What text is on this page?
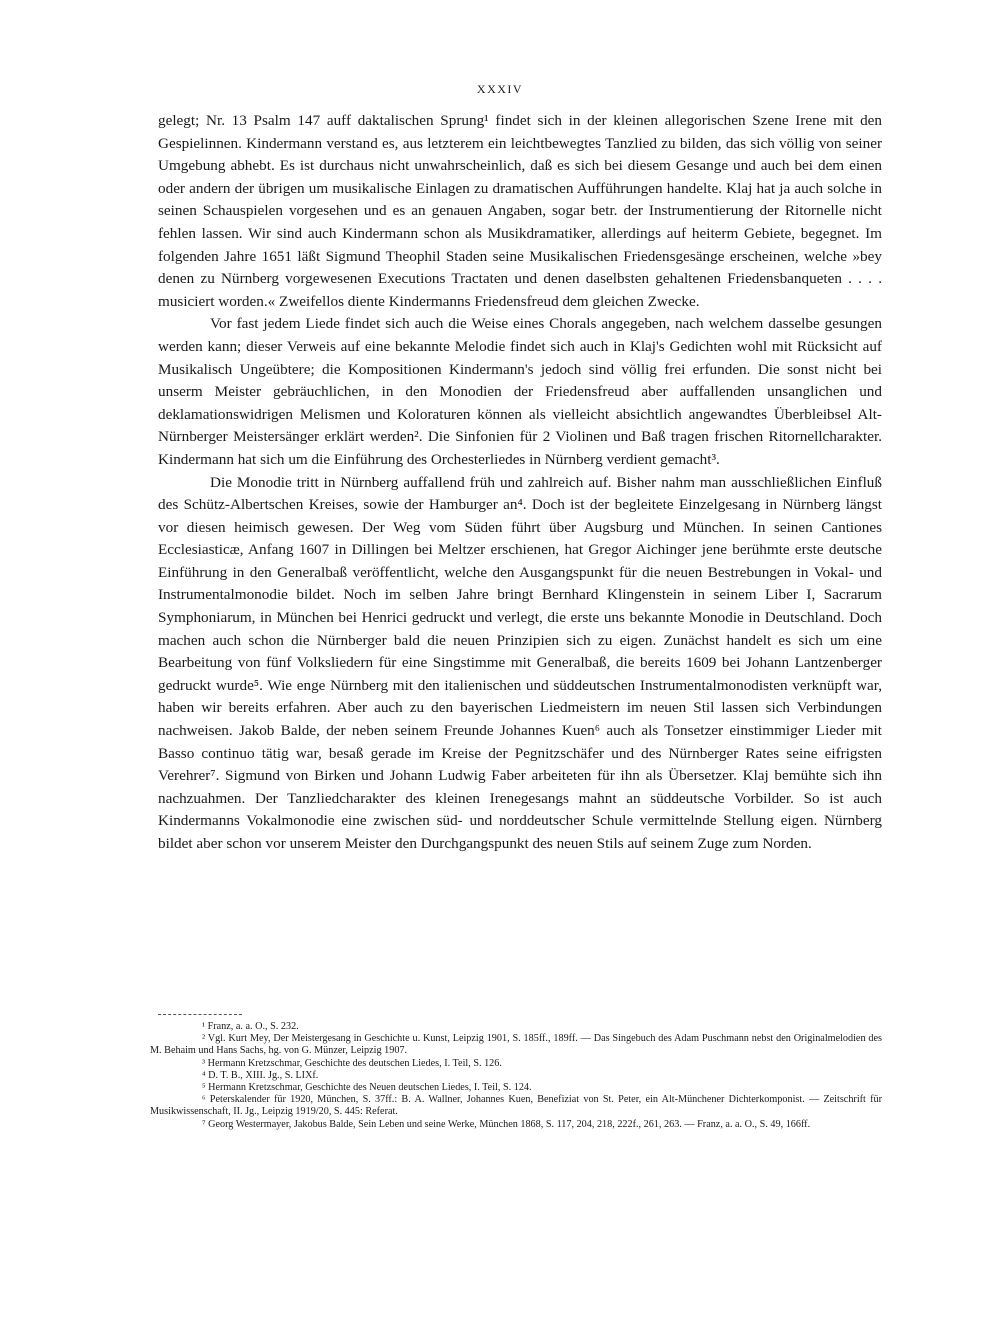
XXXIV

gelegt; Nr. 13 Psalm 147 auff daktalischen Sprung¹ findet sich in der kleinen allegorischen Szene Irene mit den Gespielinnen. Kindermann verstand es, aus letzterem ein leichtbewegtes Tanzlied zu bilden, das sich völlig von seiner Umgebung abhebt. Es ist durchaus nicht unwahrscheinlich, daß es sich bei diesem Gesange und auch bei dem einen oder andern der übrigen um musikalische Einlagen zu dramatischen Aufführungen handelte. Klaj hat ja auch solche in seinen Schauspielen vorgesehen und es an genauen Angaben, sogar betr. der Instrumentierung der Ritornelle nicht fehlen lassen. Wir sind auch Kindermann schon als Musikdramatiker, allerdings auf heiterm Gebiete, begegnet. Im folgenden Jahre 1651 läßt Sigmund Theophil Staden seine Musikalischen Friedensgesänge erscheinen, welche »bey denen zu Nürnberg vorgewesenen Executions Tractaten und denen daselbsten gehaltenen Friedensbanqueten . . . . musiciert worden.« Zweifellos diente Kindermanns Friedensfreud dem gleichen Zwecke.

Vor fast jedem Liede findet sich auch die Weise eines Chorals angegeben, nach welchem dasselbe gesungen werden kann; dieser Verweis auf eine bekannte Melodie findet sich auch in Klaj's Gedichten wohl mit Rücksicht auf Musikalisch Ungeübtere; die Kompositionen Kindermann's jedoch sind völlig frei erfunden. Die sonst nicht bei unserm Meister gebräuchlichen, in den Monodien der Friedensfreud aber auffallenden unsanglichen und deklamationswidrigen Melismen und Koloraturen können als vielleicht absichtlich angewandtes Überbleibsel Alt-Nürnberger Meistersänger erklärt werden². Die Sinfonien für 2 Violinen und Baß tragen frischen Ritornellcharakter. Kindermann hat sich um die Einführung des Orchesterliedes in Nürnberg verdient gemacht³.

Die Monodie tritt in Nürnberg auffallend früh und zahlreich auf. Bisher nahm man ausschließlichen Einfluß des Schütz-Albertschen Kreises, sowie der Hamburger an⁴. Doch ist der begleitete Einzelgesang in Nürnberg längst vor diesen heimisch gewesen. Der Weg vom Süden führt über Augsburg und München. In seinen Cantiones Ecclesiasticæ, Anfang 1607 in Dillingen bei Meltzer erschienen, hat Gregor Aichinger jene berühmte erste deutsche Einführung in den Generalbaß veröffentlicht, welche den Ausgangspunkt für die neuen Bestrebungen in Vokal- und Instrumentalmonodie bildet. Noch im selben Jahre bringt Bernhard Klingenstein in seinem Liber I, Sacrarum Symphoniarum, in München bei Henrici gedruckt und verlegt, die erste uns bekannte Monodie in Deutschland. Doch machen auch schon die Nürnberger bald die neuen Prinzipien sich zu eigen. Zunächst handelt es sich um eine Bearbeitung von fünf Volksliedern für eine Singstimme mit Generalbaß, die bereits 1609 bei Johann Lantzenberger gedruckt wurde⁵. Wie enge Nürnberg mit den italienischen und süddeutschen Instrumentalmonodisten verknüpft war, haben wir bereits erfahren. Aber auch zu den bayerischen Liedmeistern im neuen Stil lassen sich Verbindungen nachweisen. Jakob Balde, der neben seinem Freunde Johannes Kuen⁶ auch als Tonsetzer einstimmiger Lieder mit Basso continuo tätig war, besaß gerade im Kreise der Pegnitzschäfer und des Nürnberger Rates seine eifrigsten Verehrer⁷. Sigmund von Birken und Johann Ludwig Faber arbeiteten für ihn als Übersetzer. Klaj bemühte sich ihn nachzuahmen. Der Tanzliedcharakter des kleinen Irenegesangs mahnt an süddeutsche Vorbilder. So ist auch Kindermanns Vokalmonodie eine zwischen süd- und norddeutscher Schule vermittelnde Stellung eigen. Nürnberg bildet aber schon vor unserem Meister den Durchgangspunkt des neuen Stils auf seinem Zuge zum Norden.

¹ Franz, a. a. O., S. 232.

² Vgl. Kurt Mey, Der Meistergesang in Geschichte u. Kunst, Leipzig 1901, S. 185ff., 189ff. — Das Singebuch des Adam Puschmann nebst den Originalmelodien des M. Behaim und Hans Sachs, hg. von G. Münzer, Leipzig 1907.

³ Hermann Kretzschmar, Geschichte des deutschen Liedes, I. Teil, S. 126.

⁴ D. T. B., XIII. Jg., S. LIXf.

⁵ Hermann Kretzschmar, Geschichte des Neuen deutschen Liedes, I. Teil, S. 124.

⁶ Peterskalender für 1920, München, S. 37ff.: B. A. Wallner, Johannes Kuen, Benefiziat von St. Peter, ein Alt-Münchener Dichterkomponist. — Zeitschrift für Musikwissenschaft, II. Jg., Leipzig 1919/20, S. 445: Referat.

⁷ Georg Westermayer, Jakobus Balde, Sein Leben und seine Werke, München 1868, S. 117, 204, 218, 222f., 261, 263. — Franz, a. a. O., S. 49, 166ff.
